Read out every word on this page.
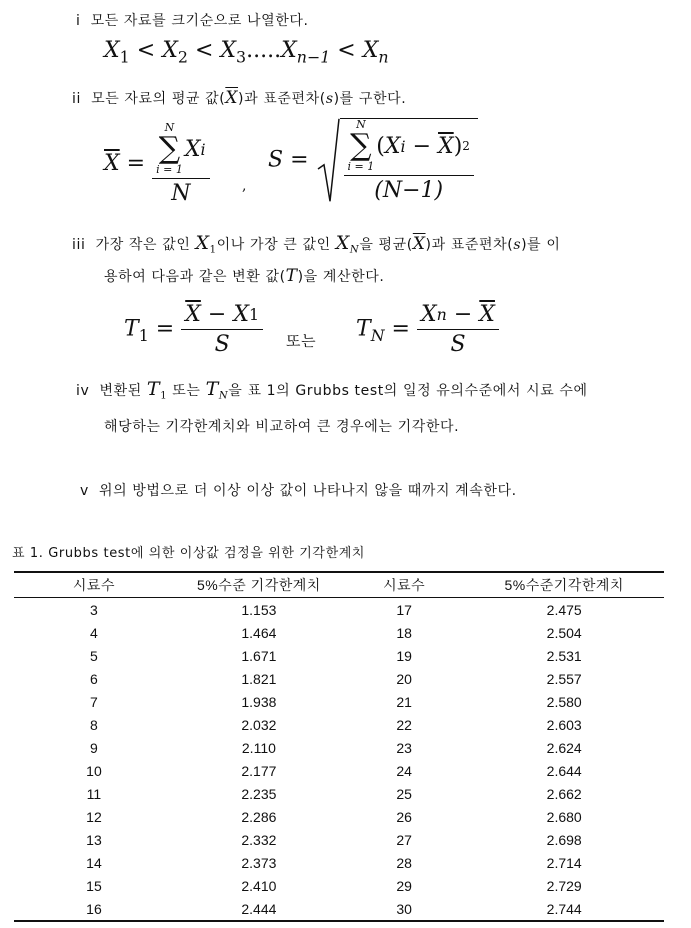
i 모든 자료를 크기순으로 나열한다.
$X_1 < X_2 < X_3.....X_{n-1} < X_n$
ii 모든 자료의 평균 값$(\overline{X})$과 표준편차(s)를 구한다.
$\overline{X} = N$
∑
i = 1
X i
N ,
S =	N
∑
i = 1
( X i
−
$\overline{X}$ ) 2
(N−1)
iii 가장 작은 값인 $X_1$이나 가장 큰 값인 $X_N$을 평균$(\overline{X})$과 표준편차(s)를 이
용하여 다음과 같은 변환 값(T)을 계산한다.
$T_1 = \overline{X}$
−
X 1
S 또는 $T_N = X$ n
−
$\overline{X}$
S
iv 변환된 $T_1$ 또는 $T_N$을 표 1의 Grubbs test의 일정 유의수준에서 시료 수에
해당하는 기각한계치와 비교하여 큰 경우에는 기각한다.
v 위의 방법으로 더 이상 이상 값이 나타나지 않을 때까지 계속한다.
표 1. Grubbs test에 의한 이상값 검정을 위한 기각한계치
시료수	5%수준 기각한계치	시료수	5%수준기각한계치
3	1.153	17	2.475
4	1.464	18	2.504
5	1.671	19	2.531
6	1.821	20	2.557
7	1.938	21	2.580
8	2.032	22	2.603
9	2.110	23	2.624
10	2.177	24	2.644
11	2.235	25	2.662
12	2.286	26	2.680
13	2.332	27	2.698
14	2.373	28	2.714
15	2.410	29	2.729
16	2.444	30	2.744
